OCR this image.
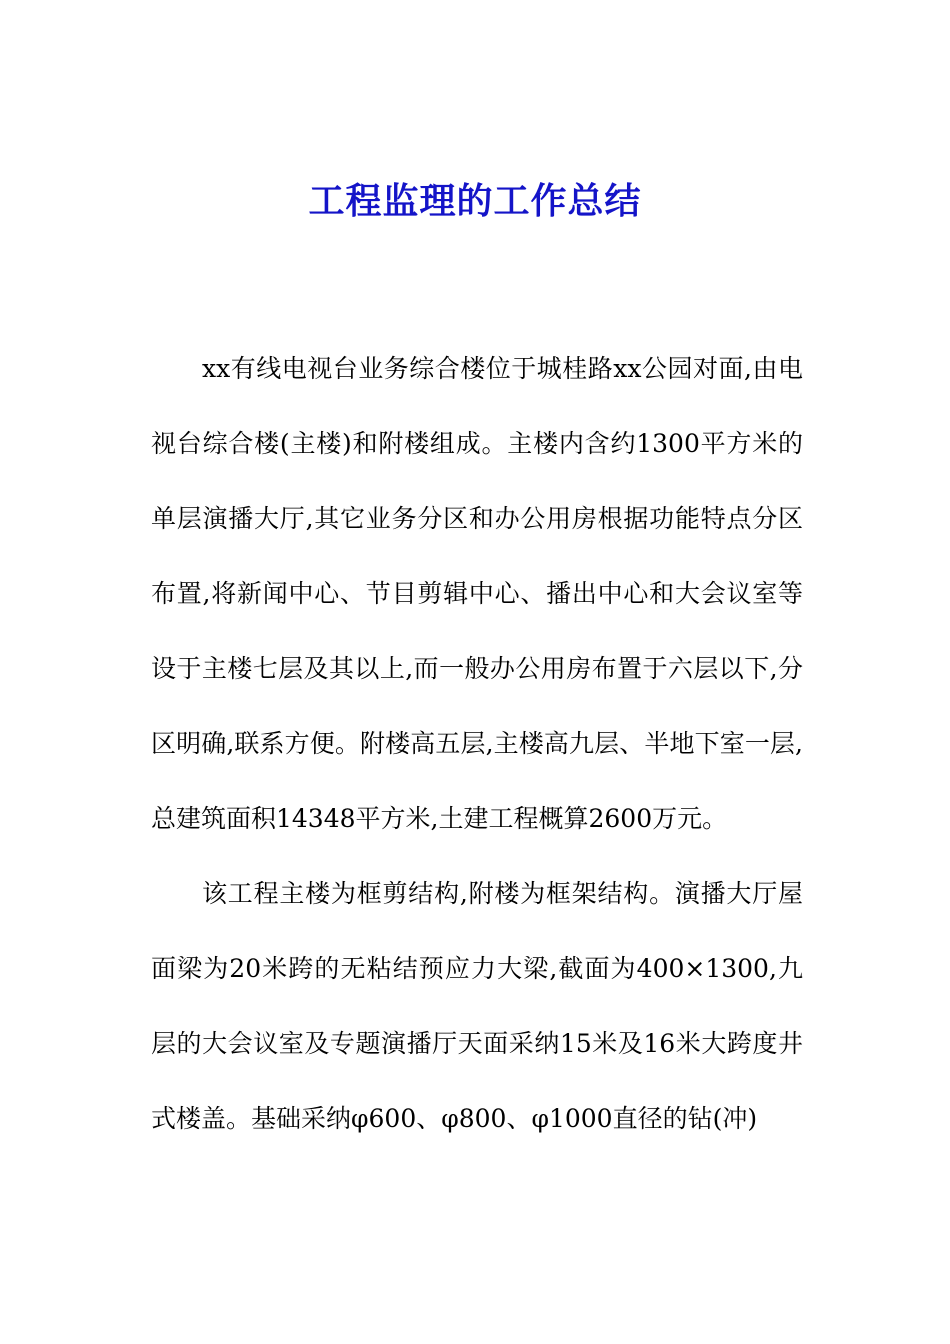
工程监理的工作总结

xx有线电视台业务综合楼位于城桂路xx公园对面,由电视台综合楼(主楼)和附楼组成。主楼内含约1300平方米的单层演播大厅,其它业务分区和办公用房根据功能特点分区布置,将新闻中心、节目剪辑中心、播出中心和大会议室等设于主楼七层及其以上,而一般办公用房布置于六层以下,分区明确,联系方便。附楼高五层,主楼高九层、半地下室一层,总建筑面积14348平方米,土建工程概算2600万元。

该工程主楼为框剪结构,附楼为框架结构。演播大厅屋面梁为20米跨的无粘结预应力大梁,截面为400×1300,九层的大会议室及专题演播厅天面采纳15米及16米大跨度井式楼盖。基础采纳φ600、φ800、φ1000直径的钻(冲)
